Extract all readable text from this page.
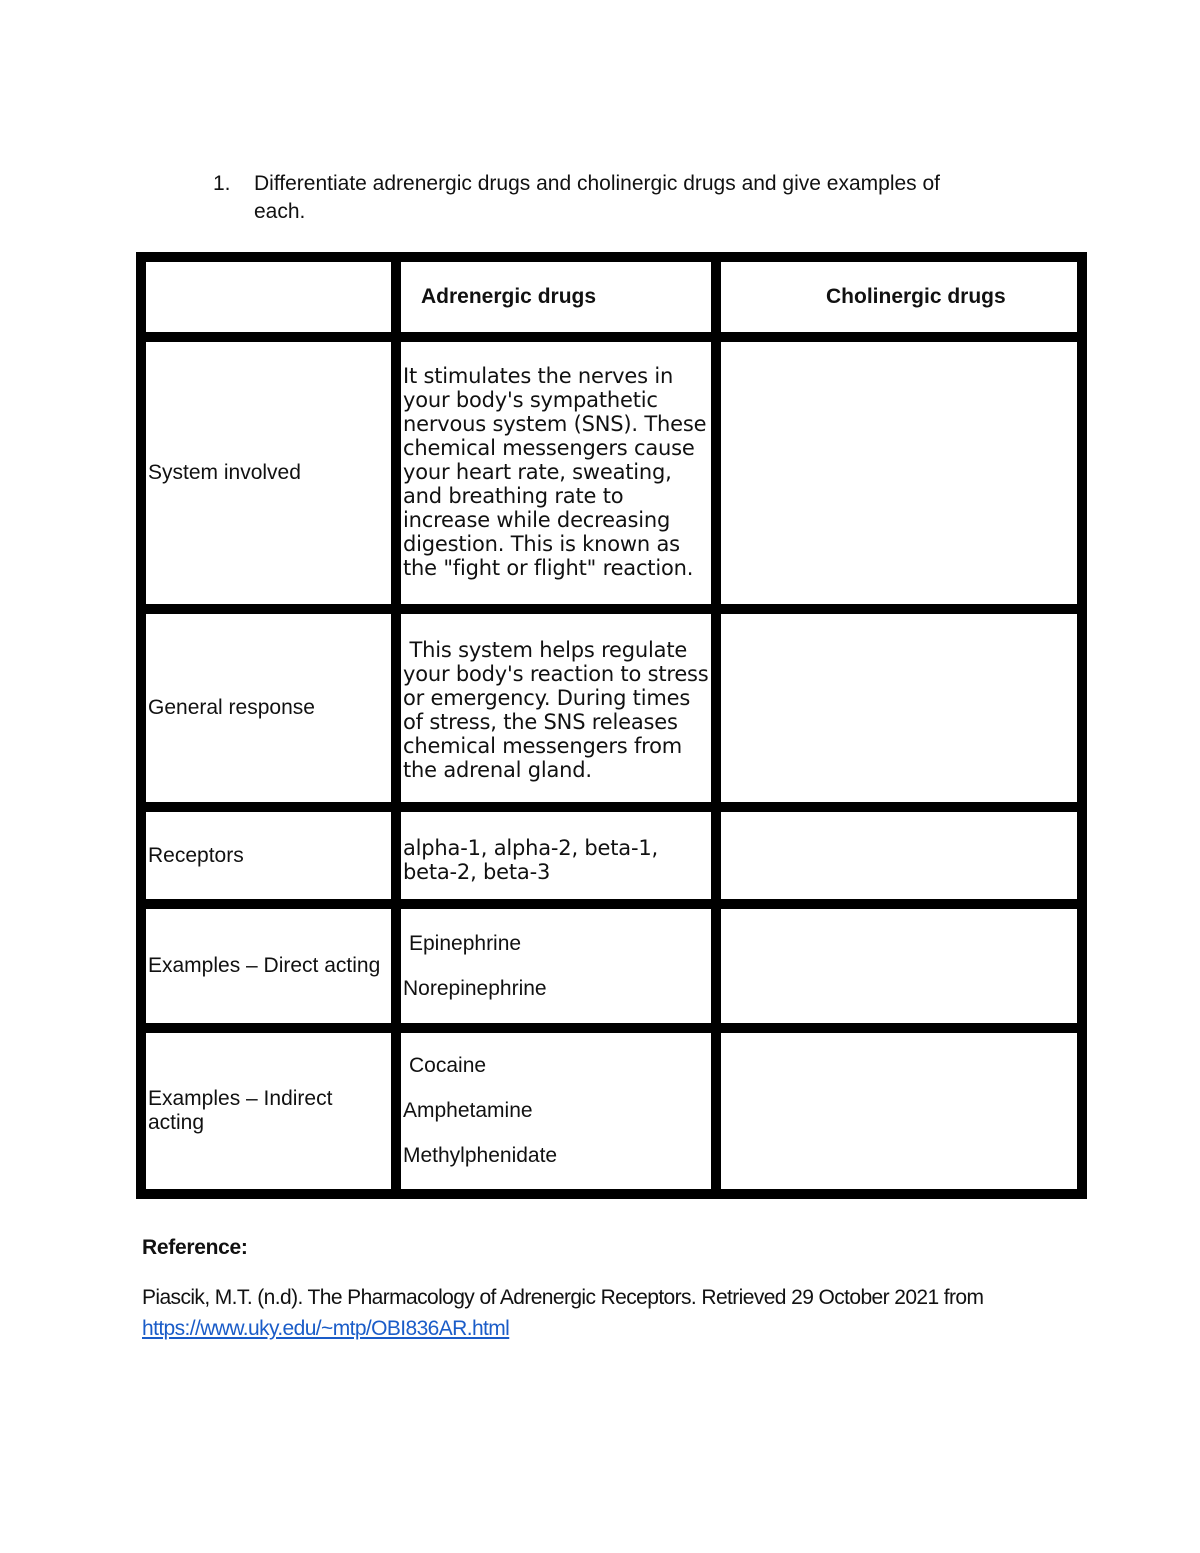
1. Differentiate adrenergic drugs and cholinergic drugs and give examples of
each.
	Adrenergic drugs	Cholinergic drugs
System involved	It stimulates the nerves in your body's sympathetic nervous system (SNS). These chemical messengers cause your heart rate, sweating, and breathing rate to increase while decreasing digestion. This is known as the "fight or flight" reaction.	
General response	This system helps regulate your body's reaction to stress or emergency. During times of stress, the SNS releases chemical messengers from the adrenal gland.	
Receptors	alpha-1, alpha-2, beta-1, beta-2, beta-3	
Examples – Direct acting	Epinephrine
Norepinephrine	

Examples – Indirect acting	Cocaine
Amphetamine
Methylphenidate	

Reference:
Piascik, M.T. (n.d). The Pharmacology of Adrenergic Receptors. Retrieved 29 October 2021 from
https://www.uky.edu/~mtp/OBI836AR.html
